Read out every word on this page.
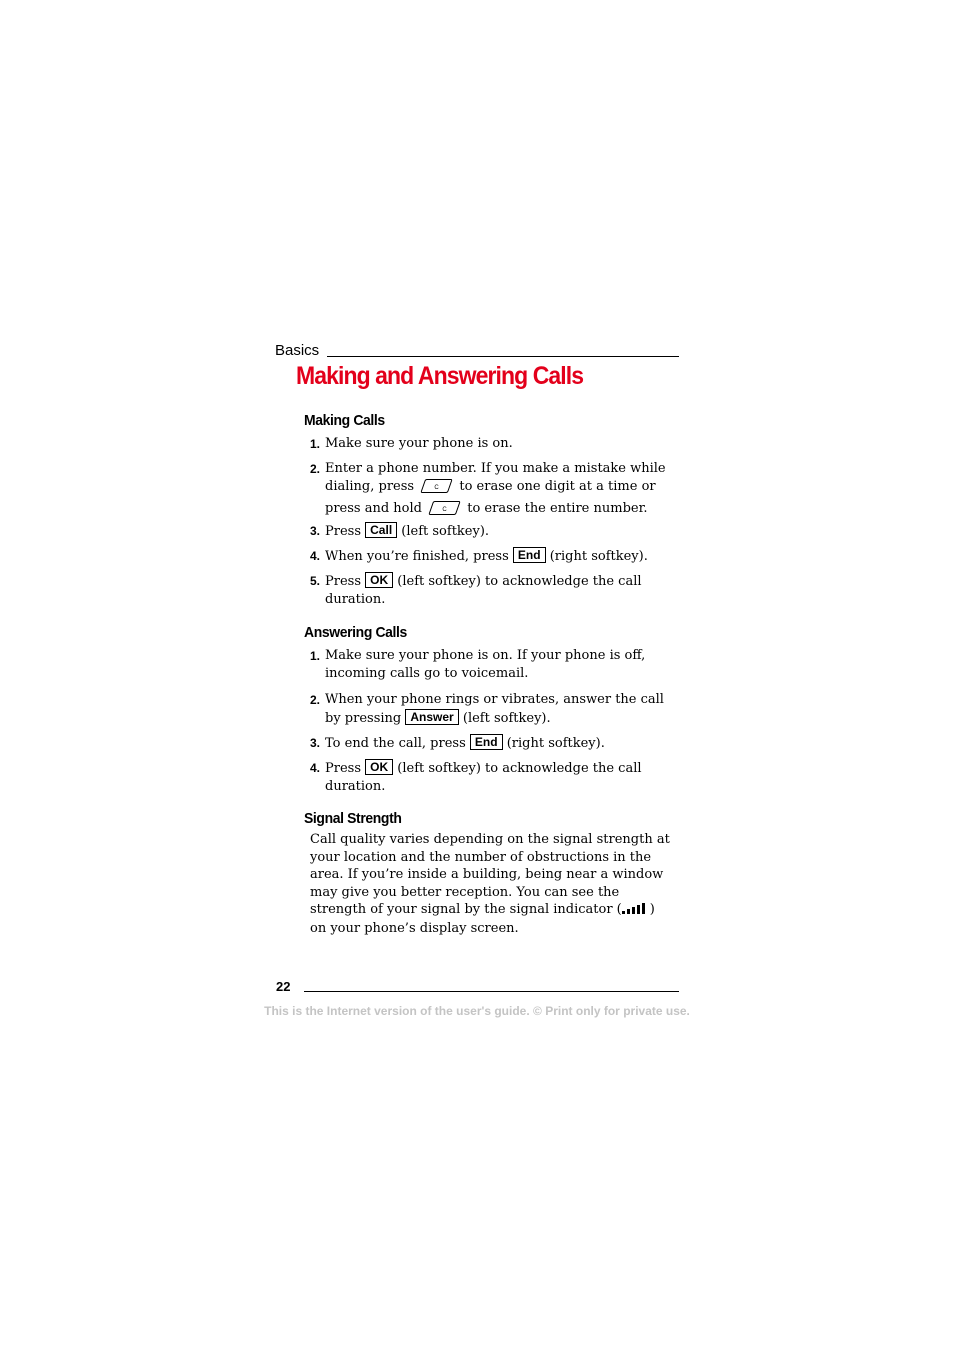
Basics
Making and Answering Calls
Making Calls
1. Make sure your phone is on.
2. Enter a phone number. If you make a mistake while dialing, press	C to erase one digit at a time or press and hold	C to erase the entire number.
3. Press Call (left softkey).
4. When you’re finished, press End (right softkey).
5. Press OK (left softkey) to acknowledge the call duration.
Answering Calls
1. Make sure your phone is on. If your phone is off, incoming calls go to voicemail.
2. When your phone rings or vibrates, answer the call by pressing Answer (left softkey).
3. To end the call, press End (right softkey).
4. Press OK (left softkey) to acknowledge the call duration.
Signal Strength
Call quality varies depending on the signal strength at your location and the number of obstructions in the area. If you’re inside a building, being near a window may give you better reception. You can see the strength of your signal by the signal indicator ( ) on your phone’s display screen.
22
This is the Internet version of the user's guide. © Print only for private use.
